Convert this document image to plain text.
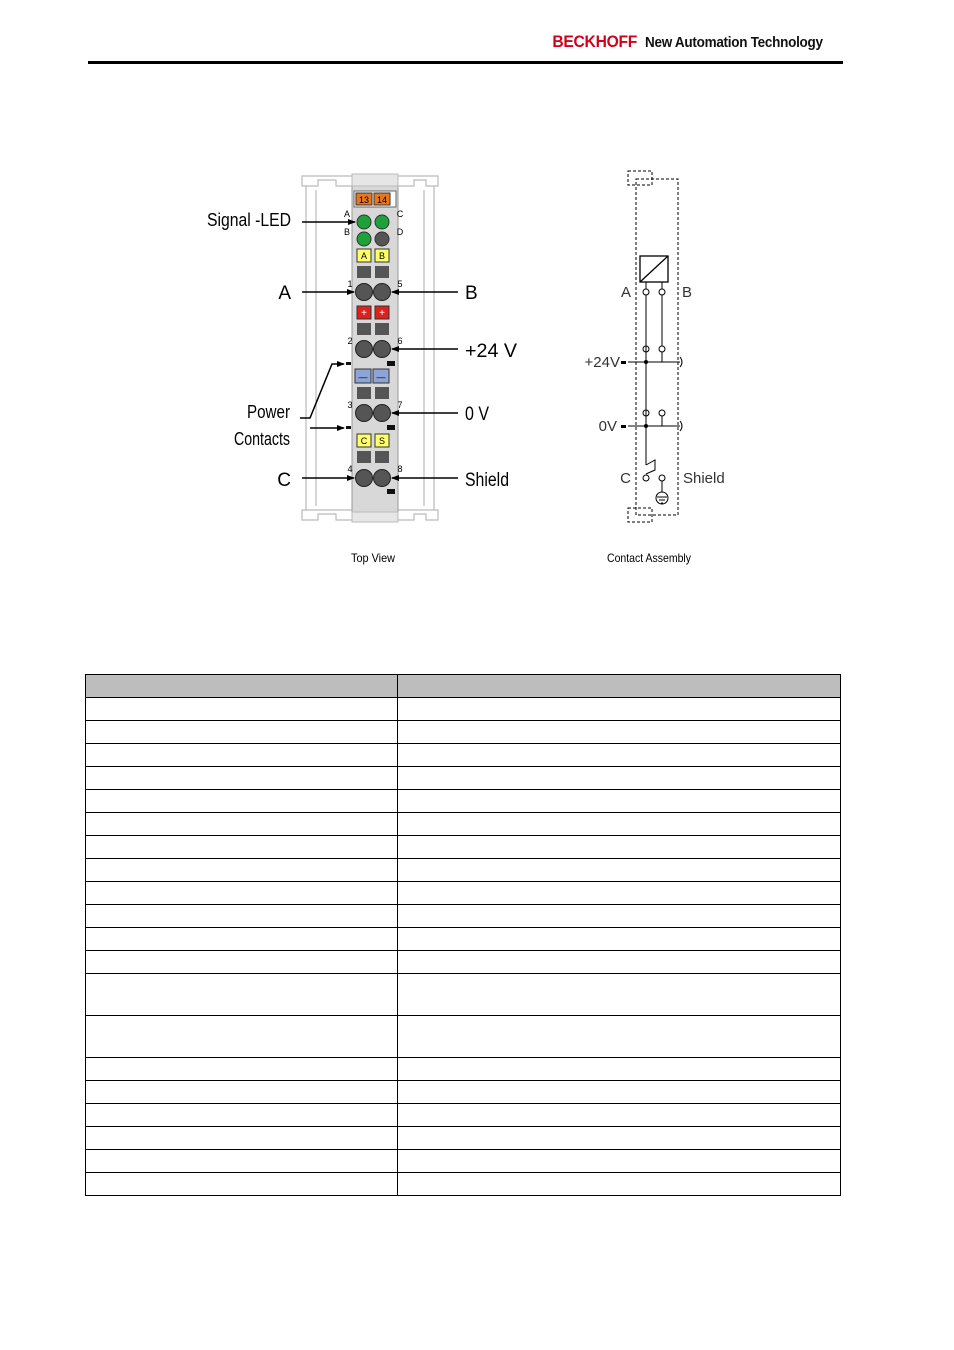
BECKHOFF New Automation Technology
13 14
A
B
C
D
A B
1	5
+ +
2	6
— —
3	7
C S
4	8
Signal -LED
A	B
+24 V
Power
Contacts
0 V
C	Shield
Top View
A	B
+24V
0V
C	Shield
Contact Assembly
